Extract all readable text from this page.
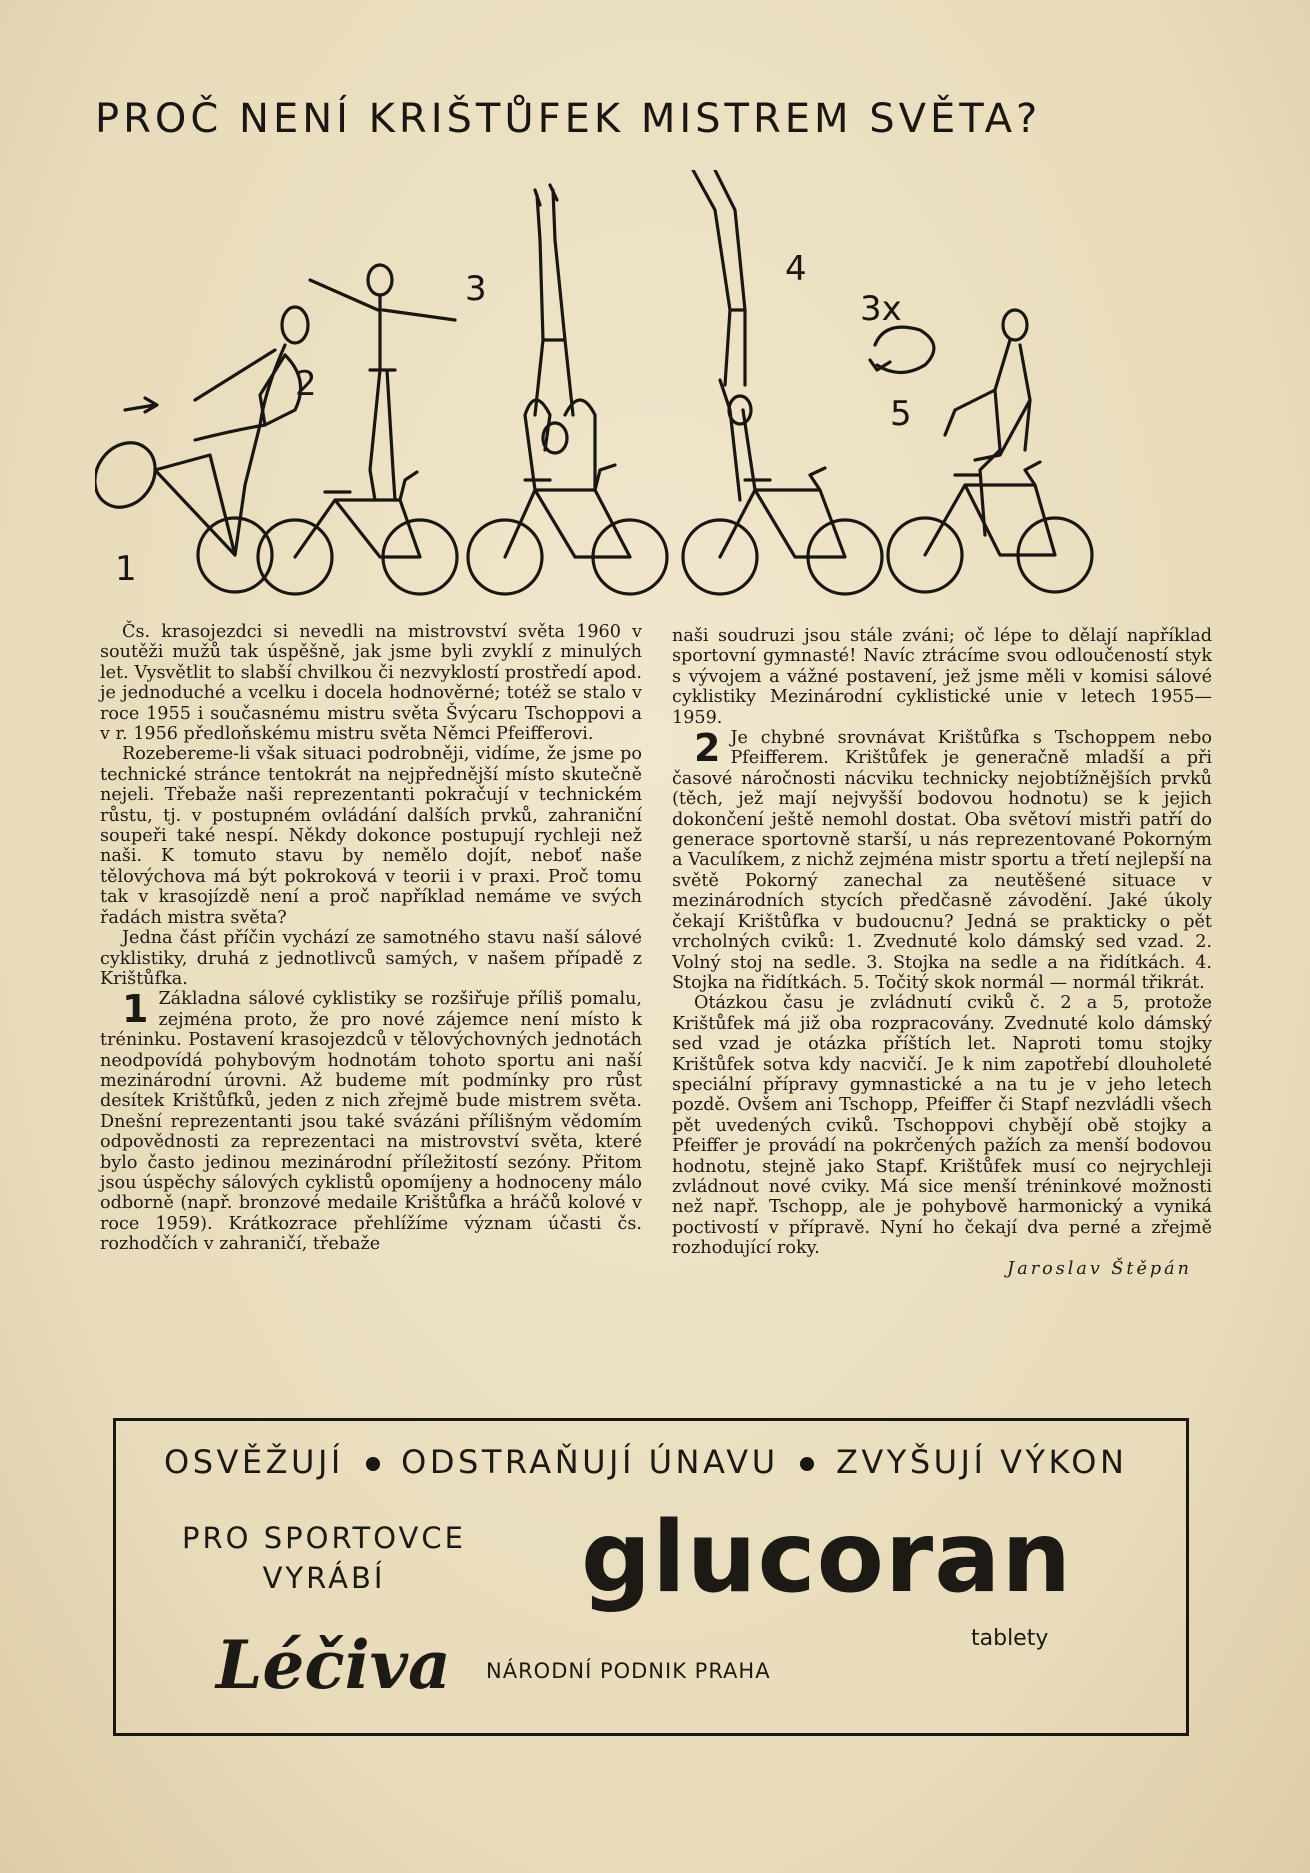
PROČ NENÍ KRIŠTŮFEK MISTREM SVĚTA?
1
2
3	4
3x
5

Čs. krasojezdci si nevedli na mistrovství světa 1960 v soutěži mužů tak úspěšně, jak jsme byli zvyklí z minulých let. Vysvětlit to slabší chvilkou či nezvyklostí prostředí apod. je jednoduché a vcelku i docela hodnověrné; totéž se stalo v roce 1955 i současnému mistru světa Švýcaru Tschoppovi a v r. 1956 předloňskému mistru světa Němci Pfeifferovi.

Rozebereme-li však situaci podrobněji, vidíme, že jsme po technické stránce tentokrát na nejpřednější místo skutečně nejeli. Třebaže naši reprezentanti pokračují v technickém růstu, tj. v postupném ovládání dalších prvků, zahraniční soupeři také nespí. Někdy dokonce postupují rychleji než naši. K tomuto stavu by nemělo dojít, neboť naše tělovýchova má být pokroková v teorii i v praxi. Proč tomu tak v krasojízdě není a proč například nemáme ve svých řadách mistra světa?

Jedna část příčin vychází ze samotného stavu naší sálové cyklistiky, druhá z jednotlivců samých, v našem případě z Krištůfka.

1 Základna sálové cyklistiky se rozšiřuje příliš pomalu, zejména proto, že pro nové zájemce není místo k tréninku. Postavení krasojezdců v tělovýchovných jednotách neodpovídá pohybovým hodnotám tohoto sportu ani naší mezinárodní úrovni. Až budeme mít podmínky pro růst desítek Krištůfků, jeden z nich zřejmě bude mistrem světa. Dnešní reprezentanti jsou také svázáni přílišným vědomím odpovědnosti za reprezentaci na mistrovství světa, které bylo často jedinou mezinárodní příležitostí sezóny. Přitom jsou úspěchy sálových cyklistů opomíjeny a hodnoceny málo odborně (např. bronzové medaile Krištůfka a hráčů kolové v roce 1959). Krátkozrace přehlížíme význam účasti čs. rozhodčích v zahraničí, třebaže

naši soudruzi jsou stále zváni; oč lépe to dělají například sportovní gymnasté! Navíc ztrácíme svou odloučeností styk s vývojem a vážné postavení, jež jsme měli v komisi sálové cyklistiky Mezinárodní cyklistické unie v letech 1955—1959.

2 Je chybné srovnávat Krištůfka s Tschoppem nebo Pfeifferem. Krištůfek je generačně mladší a při časové náročnosti nácviku technicky nejobtížnějších prvků (těch, jež mají nejvyšší bodovou hodnotu) se k jejich dokončení ještě nemohl dostat. Oba světoví mistři patří do generace sportovně starší, u nás reprezentované Pokorným a Vaculíkem, z nichž zejména mistr sportu a třetí nejlepší na světě Pokorný zanechal za neutěšené situace v mezinárodních stycích předčasně závodění. Jaké úkoly čekají Krištůfka v budoucnu? Jedná se prakticky o pět vrcholných cviků: 1. Zvednuté kolo dámský sed vzad. 2. Volný stoj na sedle. 3. Stojka na sedle a na řidítkách. 4. Stojka na řidítkách. 5. Točitý skok normál — normál třikrát.

Otázkou času je zvládnutí cviků č. 2 a 5, protože Krištůfek má již oba rozpracovány. Zvednuté kolo dámský sed vzad je otázka příštích let. Naproti tomu stojky Krištůfek sotva kdy nacvičí. Je k nim zapotřebí dlouholeté speciální přípravy gymnastické a na tu je v jeho letech pozdě. Ovšem ani Tschopp, Pfeiffer či Stapf nezvládli všech pět uvedených cviků. Tschoppovi chybějí obě stojky a Pfeiffer je provádí na pokrčených pažích za menší bodovou hodnotu, stejně jako Stapf. Krištůfek musí co nejrychleji zvládnout nové cviky. Má sice menší tréninkové možnosti než např. Tschopp, ale je pohybově harmonický a vyniká poctivostí v přípravě. Nyní ho čekají dva perné a zřejmě rozhodující roky.

Jaroslav Štěpán
OSVĚŽUJÍ ODSTRAŇUJÍ ÚNAVU ZVYŠUJÍ VÝKON
PRO SPORTOVCE
VYRÁBÍ	glucoran
tablety
Léčiva NÁRODNÍ PODNIK PRAHA
